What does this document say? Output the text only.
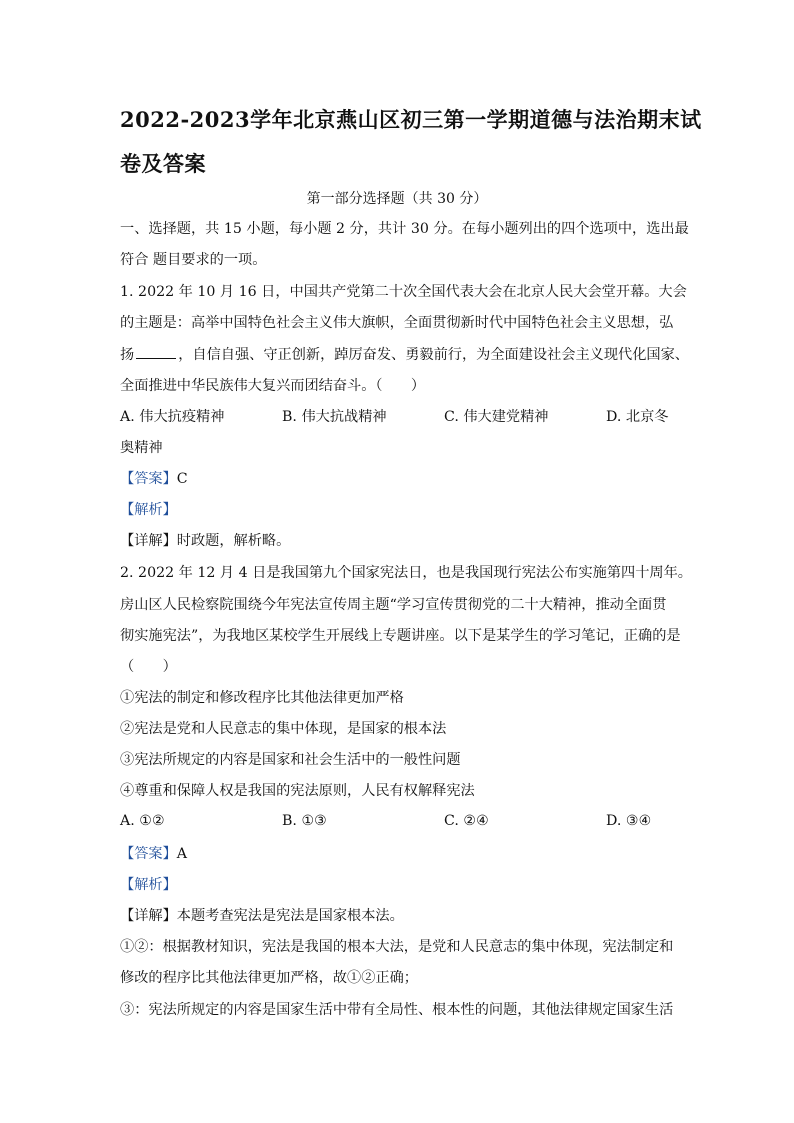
2022-2023学年北京燕山区初三第一学期道德与法治期末试
卷及答案
第一部分选择题（共 30 分）
一、选择题，共 15 小题，每小题 2 分，共计 30 分。在每小题列出的四个选项中，选出最
符合 题目要求的一项。
1. 2022 年 10 月 16 日，中国共产党第二十次全国代表大会在北京人民大会堂开幕。大会
的主题是：高举中国特色社会主义伟大旗帜，全面贯彻新时代中国特色社会主义思想，弘
扬	，自信自强、守正创新，踔厉奋发、勇毅前行，为全面建设社会主义现代化国家、
全面推进中华民族伟大复兴而团结奋斗。（　　）
A. 伟大抗疫精神	B. 伟大抗战精神	C. 伟大建党精神	D. 北京冬
奥精神
【答案】C
【解析】
【详解】时政题，解析略。
2. 2022 年 12 月 4 日是我国第九个国家宪法日，也是我国现行宪法公布实施第四十周年。
房山区人民检察院围绕今年宪法宣传周主题“学习宣传贯彻党的二十大精神，推动全面贯
彻实施宪法”，为我地区某校学生开展线上专题讲座。以下是某学生的学习笔记，正确的是
（　　）
①宪法的制定和修改程序比其他法律更加严格
②宪法是党和人民意志的集中体现，是国家的根本法
③宪法所规定的内容是国家和社会生活中的一般性问题
④尊重和保障人权是我国的宪法原则，人民有权解释宪法
A. ①②	B. ①③	C. ②④	D. ③④
【答案】A
【解析】
【详解】本题考查宪法是宪法是国家根本法。
①②：根据教材知识，宪法是我国的根本大法，是党和人民意志的集中体现，宪法制定和
修改的程序比其他法律更加严格，故①②正确；
③：宪法所规定的内容是国家生活中带有全局性、根本性的问题，其他法律规定国家生活
